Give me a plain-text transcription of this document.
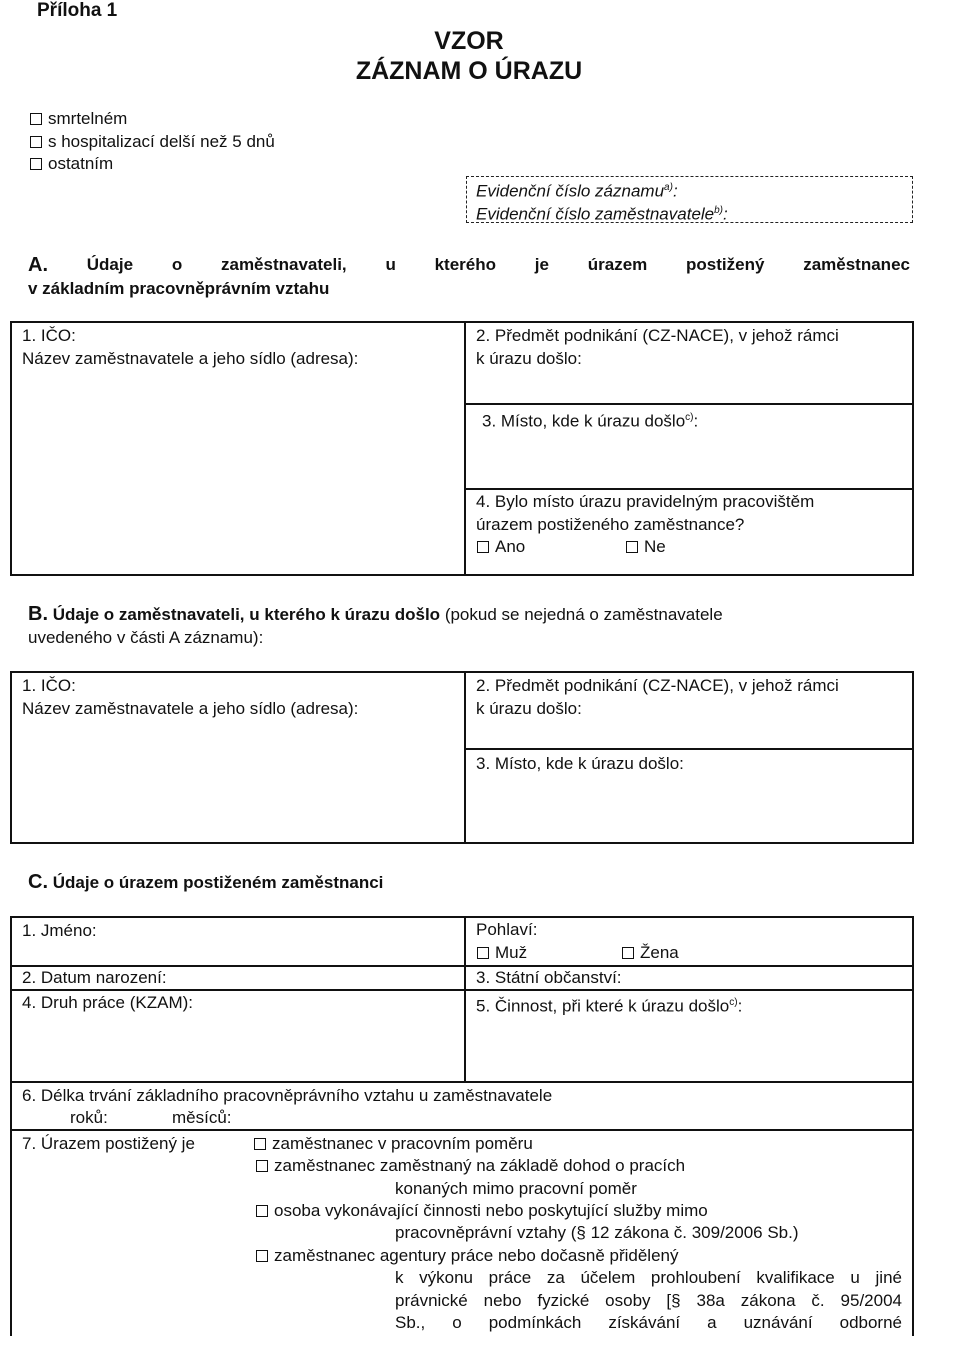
Příloha 1
VZOR
ZÁZNAM O ÚRAZU
smrtelném
s hospitalizací delší než 5 dnů
ostatním
Evidenční číslo záznamu$^{a)}$:
Evidenční číslo zaměstnavatele$^{b)}$:
A. Údaje o zaměstnavateli, u kterého je úrazem postižený zaměstnanec
v základním pracovněprávním vztahu
1. IČO:
Název zaměstnavatele a jeho sídlo (adresa):
2. Předmět podnikání (CZ-NACE), v jehož rámci
k úrazu došlo:
3. Místo, kde k úrazu došlo$^{c)}$:
4. Bylo místo úrazu pravidelným pracovištěm
úrazem postiženého zaměstnance?
Ano	Ne
B. Údaje o zaměstnavateli, u kterého k úrazu došlo (pokud se nejedná o zaměstnavatele
uvedeného v části A záznamu):
1. IČO:
Název zaměstnavatele a jeho sídlo (adresa):
2. Předmět podnikání (CZ-NACE), v jehož rámci
k úrazu došlo:
3. Místo, kde k úrazu došlo:
C. Údaje o úrazem postiženém zaměstnanci
1. Jméno:	Pohlaví:
Muž	Žena
2. Datum narození:	3. Státní občanství:
4. Druh práce (KZAM):	5. Činnost, při které k úrazu došlo$^{c)}$:
6. Délka trvání základního pracovněprávního vztahu u zaměstnavatele
roků:	měsíců:
7. Úrazem postižený je	zaměstnanec v pracovním poměru
zaměstnanec zaměstnaný na základě dohod o pracích
konaných mimo pracovní poměr
osoba vykonávající činnosti nebo poskytující služby mimo
pracovněprávní vztahy (§ 12 zákona č. 309/2006 Sb.)
zaměstnanec agentury práce nebo dočasně přidělený
k výkonu práce za účelem prohloubení kvalifikace u jiné
právnické nebo fyzické osoby [§ 38a zákona č. 95/2004
Sb., o podmínkách získávání a uznávání odborné
